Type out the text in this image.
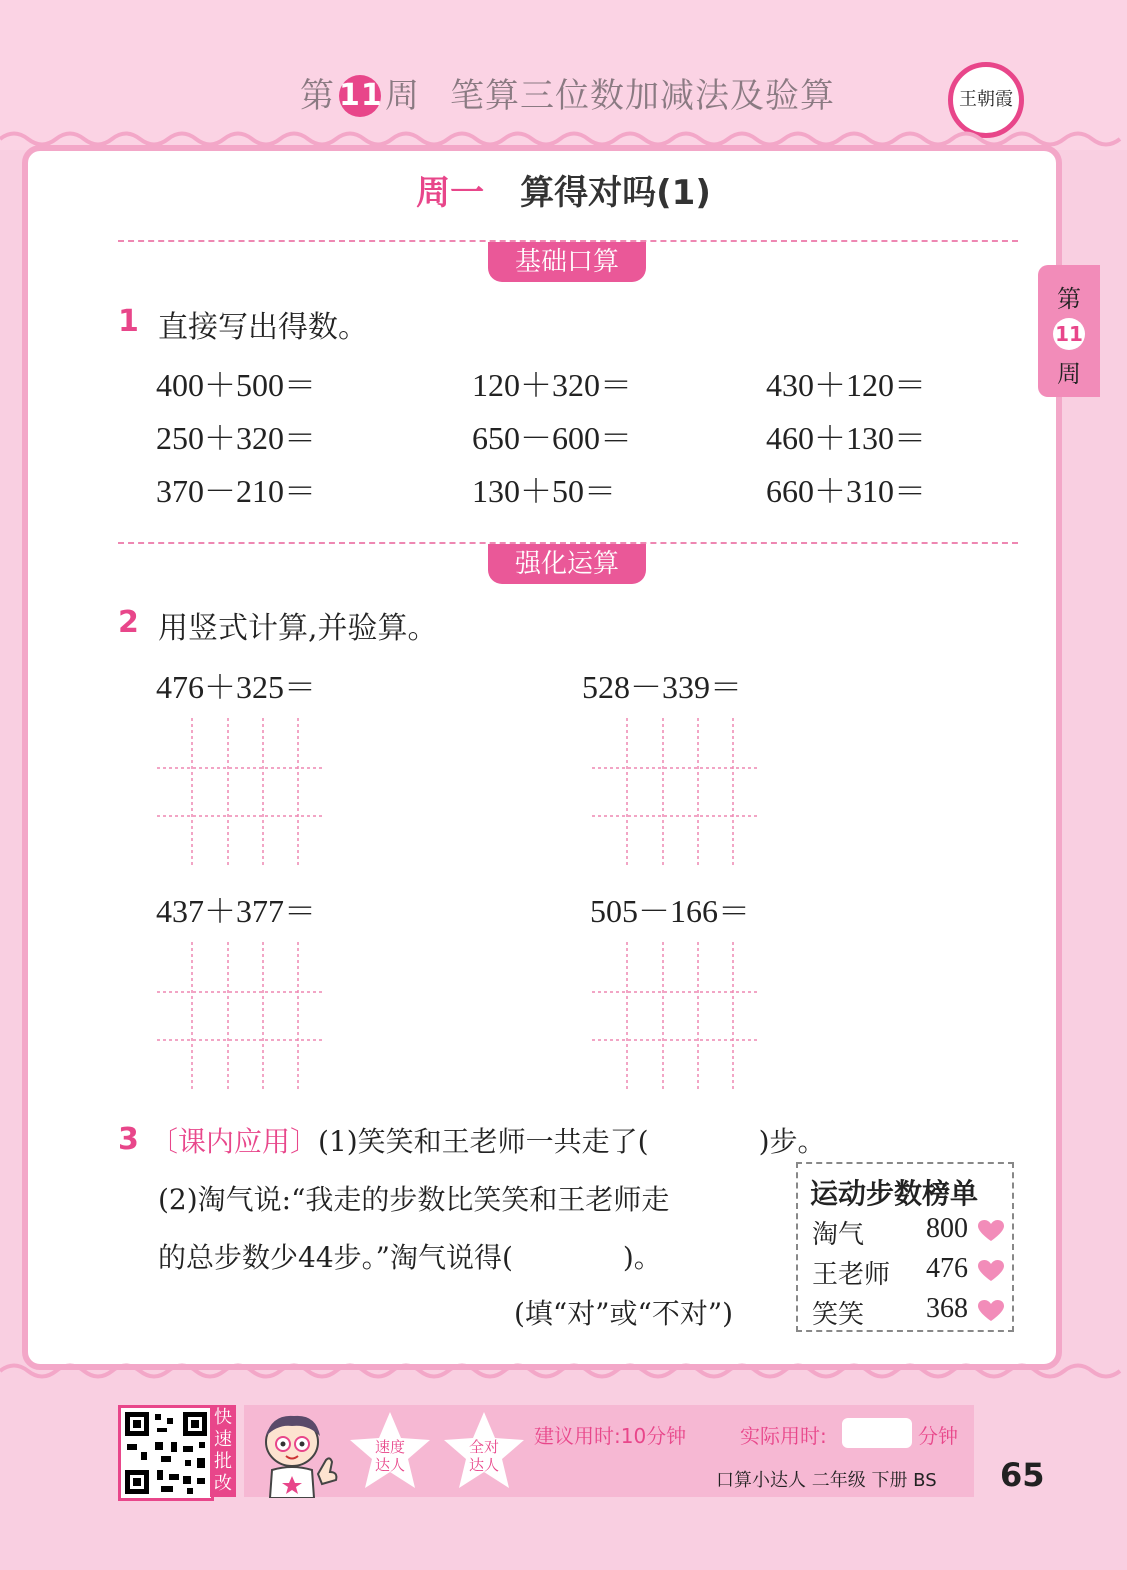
第 11周 笔算三位数加减法及验算	王朝霞
第
11
周
周一 算得对吗(1)
基础口算
1 直接写出得数。
400＋500＝	120＋320＝	430＋120＝
250＋320＝	650－600＝	460＋130＝
370－210＝	130＋50＝	660＋310＝
强化运算
2 用竖式计算,并验算。
476＋325＝	528－339＝
437＋377＝	505－166＝
3 〔课内应用〕(1)笑笑和王老师一共走了(	)步。
(2)淘气说:“我走的步数比笑笑和王老师走
的总步数少44步。”淘气说得(	)。
(填“对”或“不对”)
运动步数榜单
淘气 800
王老师 476
笑笑 368
快速批改
速度
达人
全对
达人
建议用时:10分钟	实际用时:	分钟
口算小达人 二年级 下册 BS 65
